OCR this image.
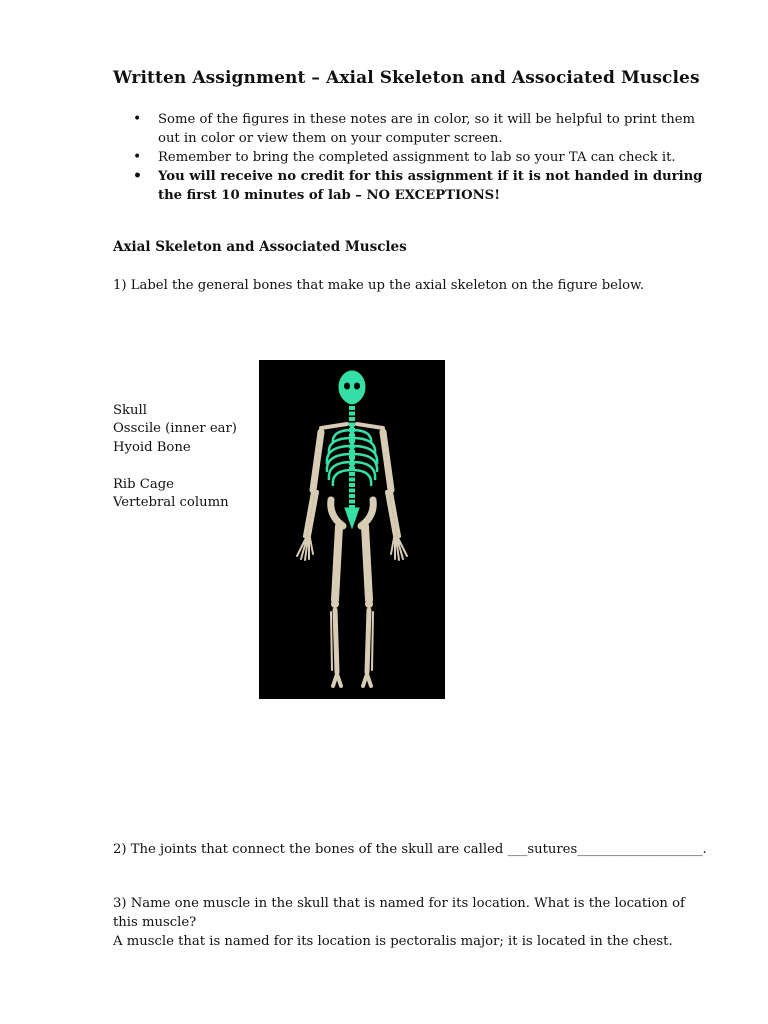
Written Assignment – Axial Skeleton and Associated Muscles
• Some of the figures in these notes are in color, so it will be helpful to print them out in color or view them on your computer screen.
• Remember to bring the completed assignment to lab so your TA can check it.
• You will receive no credit for this assignment if it is not handed in during the first 10 minutes of lab – NO EXCEPTIONS!
Axial Skeleton and Associated Muscles

1) Label the general bones that make up the axial skeleton on the figure below.

Skull
Osscile (inner ear)
Hyoid Bone
Rib Cage
Vertebral column

2) The joints that connect the bones of the skull are called ___sutures___________________.

3) Name one muscle in the skull that is named for its location. What is the location of this muscle?
A muscle that is named for its location is pectoralis major; it is located in the chest.
